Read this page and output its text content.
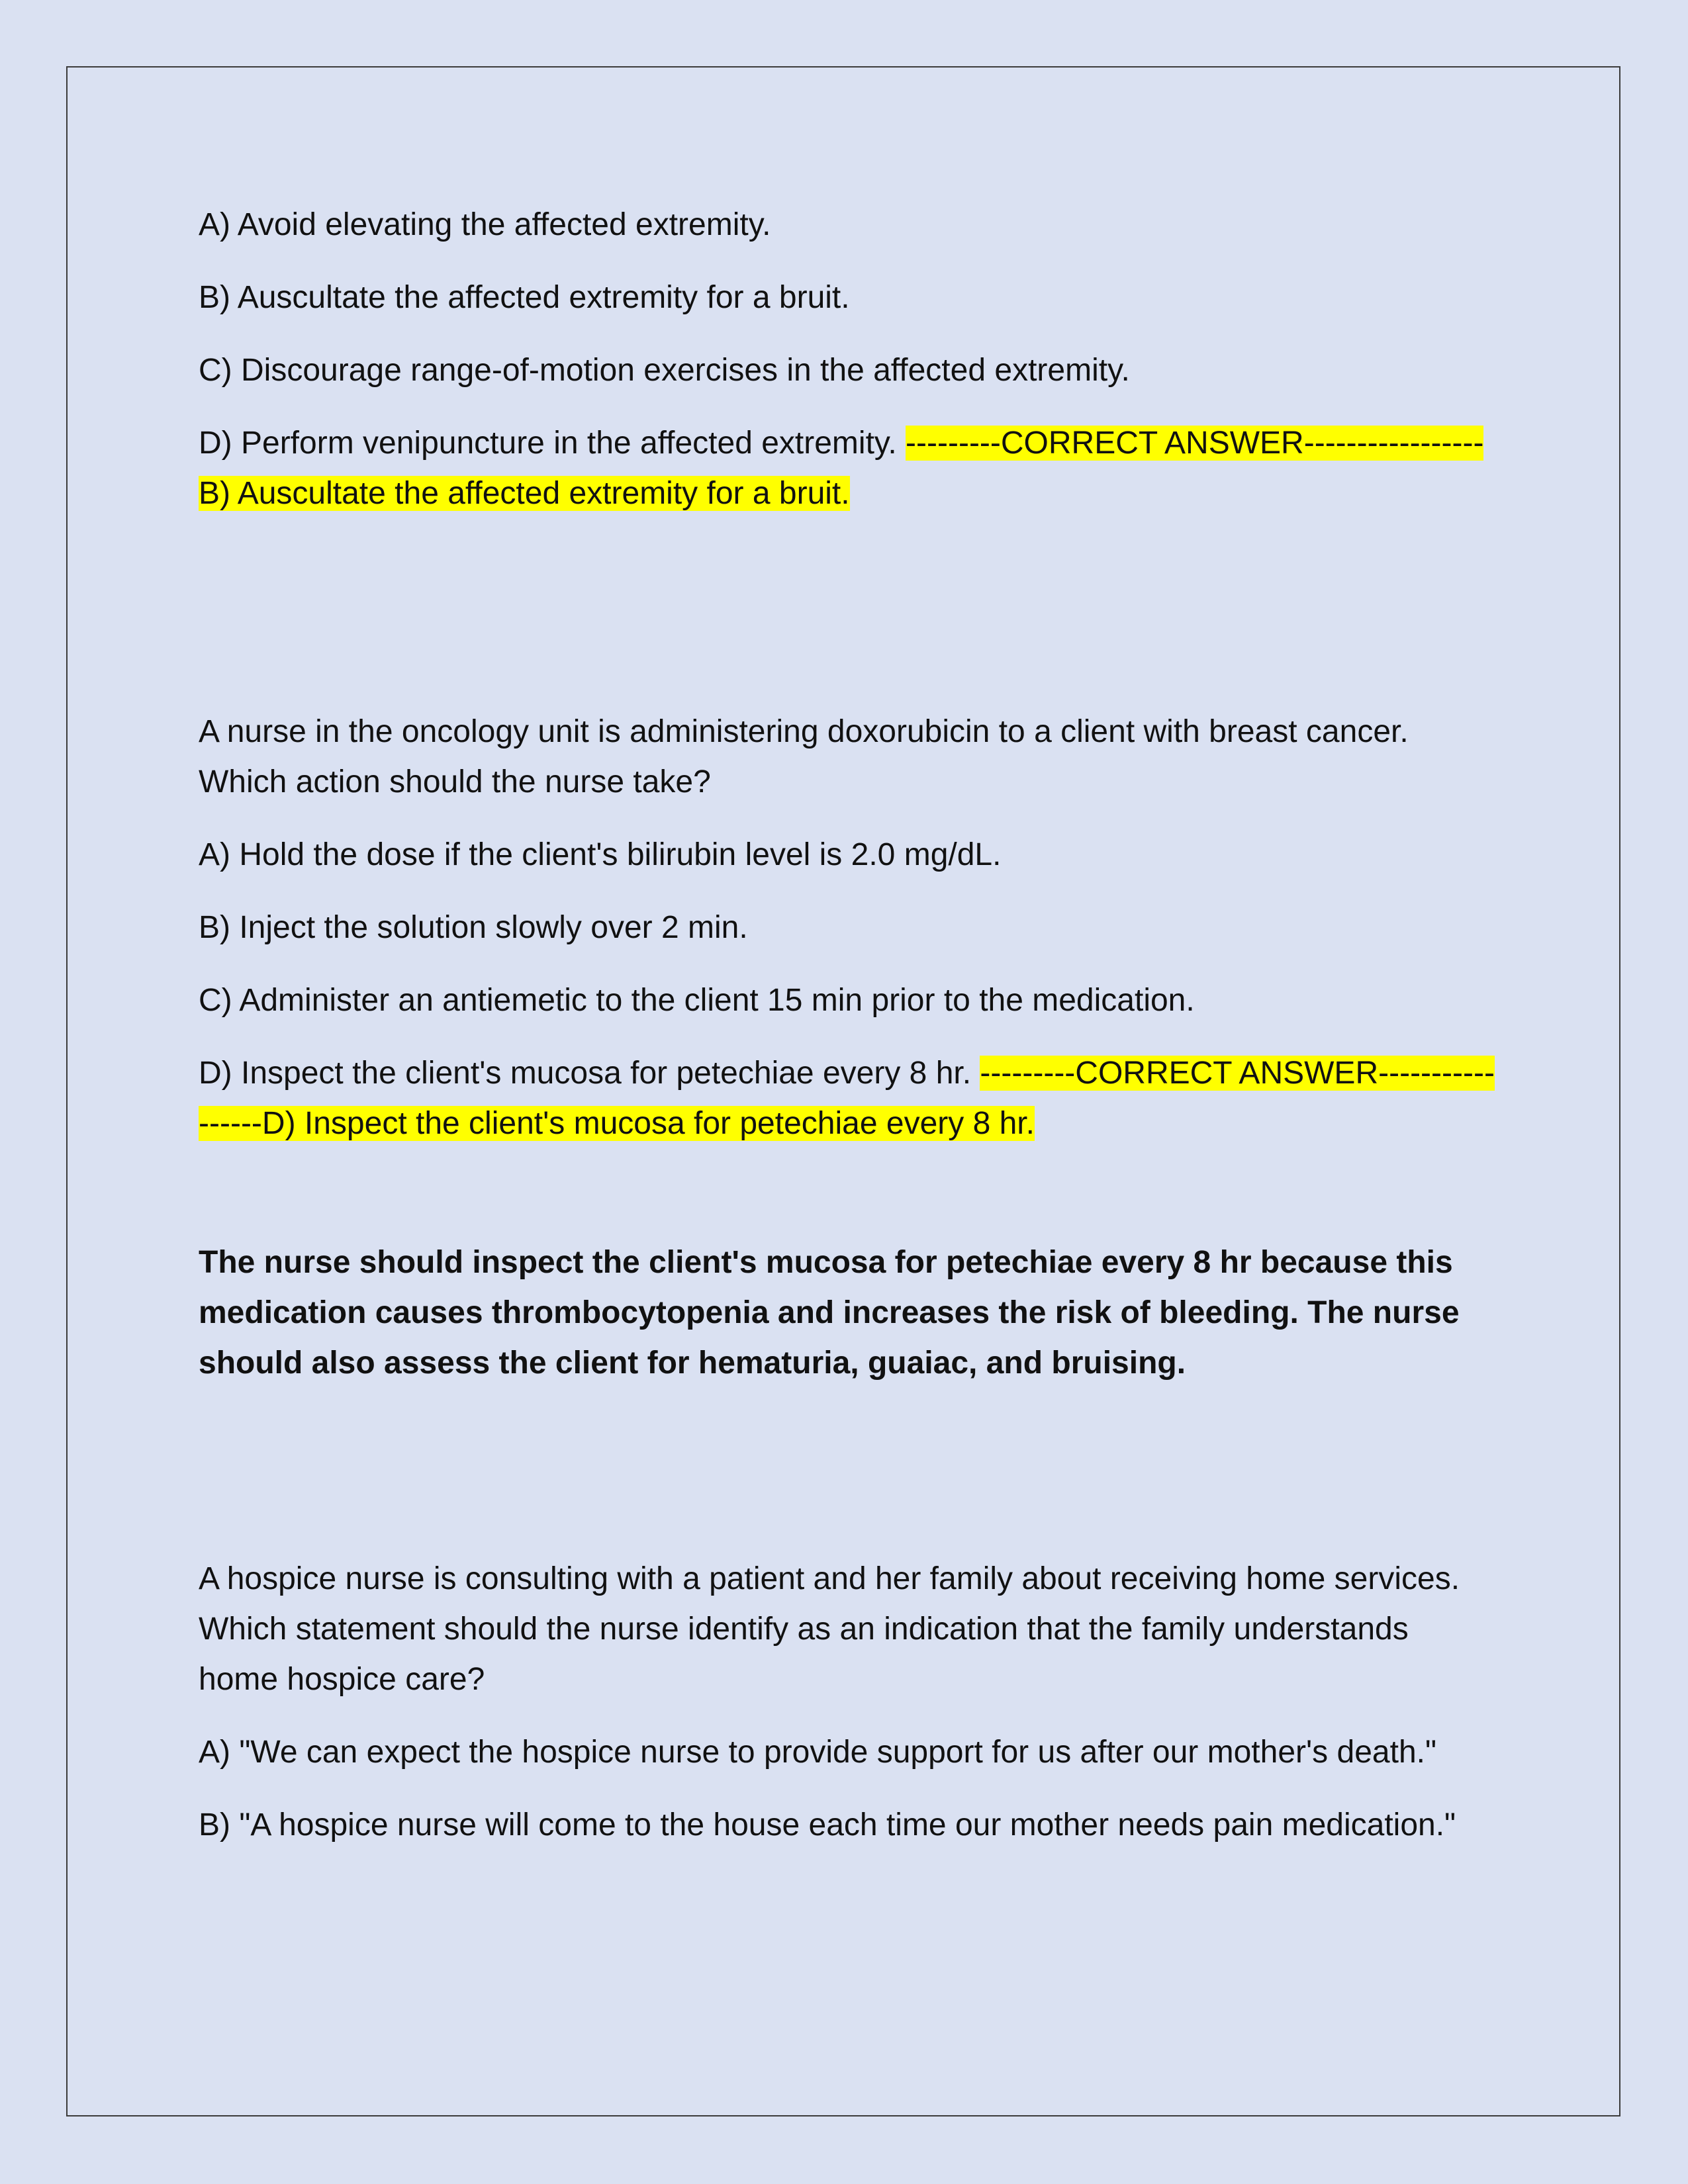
A) Avoid elevating the affected extremity.

B) Auscultate the affected extremity for a bruit.

C) Discourage range-of-motion exercises in the affected extremity.

D) Perform venipuncture in the affected extremity. ---------CORRECT ANSWER-----------------B) Auscultate the affected extremity for a bruit.

A nurse in the oncology unit is administering doxorubicin to a client with breast cancer. Which action should the nurse take?

A) Hold the dose if the client's bilirubin level is 2.0 mg/dL.

B) Inject the solution slowly over 2 min.

C) Administer an antiemetic to the client 15 min prior to the medication.

D) Inspect the client's mucosa for petechiae every 8 hr. ---------CORRECT ANSWER-----------------D) Inspect the client's mucosa for petechiae every 8 hr.

The nurse should inspect the client's mucosa for petechiae every 8 hr because this medication causes thrombocytopenia and increases the risk of bleeding. The nurse should also assess the client for hematuria, guaiac, and bruising.

A hospice nurse is consulting with a patient and her family about receiving home services. Which statement should the nurse identify as an indication that the family understands home hospice care?

A) "We can expect the hospice nurse to provide support for us after our mother's death."

B) "A hospice nurse will come to the house each time our mother needs pain medication."
